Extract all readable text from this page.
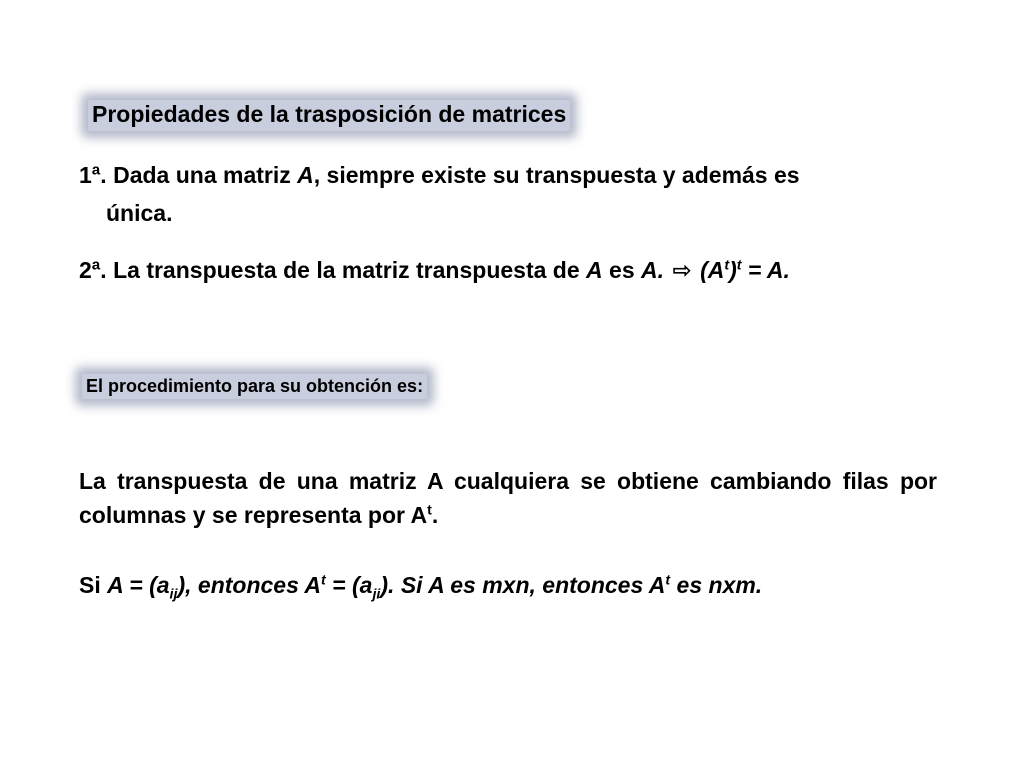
Propiedades de la trasposición de matrices
1ª. Dada una matriz A, siempre existe su transpuesta y además es
única.
2ª. La transpuesta de la matriz transpuesta de A es A. ⇨ $(A^t)^t = A$.
El procedimiento para su obtención es:
La transpuesta de una matriz A cualquiera se obtiene cambiando filas por columnas y se representa por $A^t$.
Si $A = (a_{ij})$, entonces $A^t = (a_{ji})$. Si A es mxn, entonces $A^t$ es nxm.
